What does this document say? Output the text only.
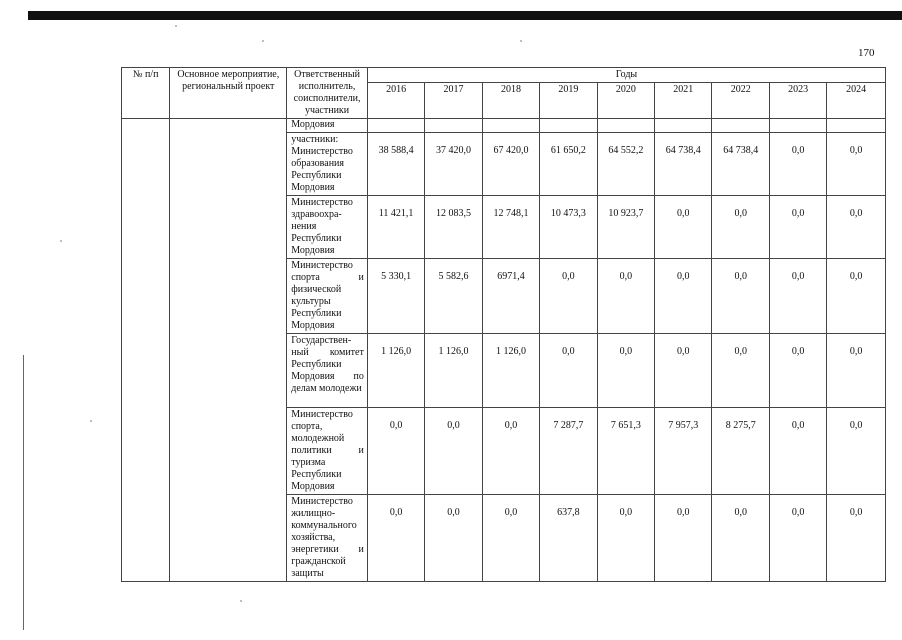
170
№ п/п	Основное мероприятие, региональный проект	Ответственный исполнитель, соисполнители, участники	Годы								
			2016	2017	2018	2019	2020	2021	2022	2023	2024
		Мордовия									
		участники: Министерство образования Республики Мордовия	38 588,4	37 420,0	67 420,0	61 650,2	64 552,2	64 738,4	64 738,4	0,0	0,0
		Министерство здравоохра- нения Республики Мордовия	11 421,1	12 083,5	12 748,1	10 473,3	10 923,7	0,0	0,0	0,0	0,0
		Министерство спорта и физической культуры Республики Мордовия	5 330,1	5 582,6	6971,4	0,0	0,0	0,0	0,0	0,0	0,0
		Государствен- ный комитет Республики Мордовия по делам молодежи	1 126,0	1 126,0	1 126,0	0,0	0,0	0,0	0,0	0,0	0,0
		Министерство спорта, молодежной политики и туризма Республики Мордовия	0,0	0,0	0,0	7 287,7	7 651,3	7 957,3	8 275,7	0,0	0,0
		Министерство жилищно- коммунального хозяйства, энергетики и гражданской защиты	0,0	0,0	0,0	637,8	0,0	0,0	0,0	0,0	0,0
